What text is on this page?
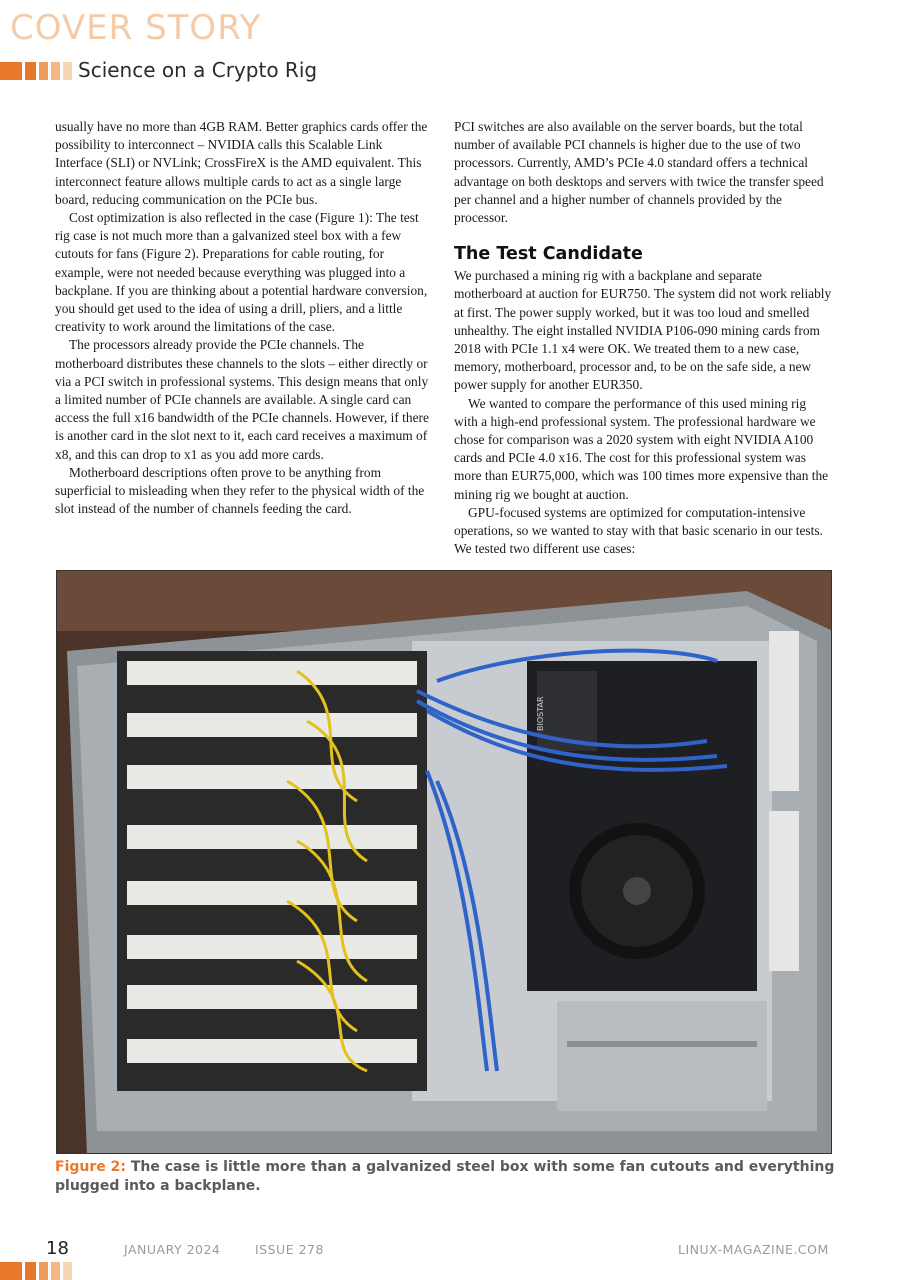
COVER STORY
Science on a Crypto Rig

usually have no more than 4GB RAM. Better graphics cards offer the possibility to interconnect – NVIDIA calls this Scalable Link Interface (SLI) or NVLink; CrossFireX is the AMD equivalent. This interconnect feature allows multiple cards to act as a single large board, reducing communication on the PCIe bus.

Cost optimization is also reflected in the case (Figure 1): The test rig case is not much more than a galvanized steel box with a few cutouts for fans (Figure 2). Preparations for cable routing, for example, were not needed because everything was plugged into a backplane. If you are thinking about a potential hardware conversion, you should get used to the idea of using a drill, pliers, and a little creativity to work around the limitations of the case.

The processors already provide the PCIe channels. The motherboard distributes these channels to the slots – either directly or via a PCI switch in professional systems. This design means that only a limited number of PCIe channels are available. A single card can access the full x16 bandwidth of the PCIe channels. However, if there is another card in the slot next to it, each card receives a maximum of x8, and this can drop to x1 as you add more cards.

Motherboard descriptions often prove to be anything from superficial to misleading when they refer to the physical width of the slot instead of the number of channels feeding the card.

PCI switches are also available on the server boards, but the total number of available PCI channels is higher due to the use of two processors. Currently, AMD’s PCIe 4.0 standard offers a technical advantage on both desktops and servers with twice the transfer speed per channel and a higher number of channels provided by the processor.

The Test Candidate

We purchased a mining rig with a backplane and separate motherboard at auction for EUR750. The system did not work reliably at first. The power supply worked, but it was too loud and smelled unhealthy. The eight installed NVIDIA P106-090 mining cards from 2018 with PCIe 1.1 x4 were OK. We treated them to a new case, memory, motherboard, processor and, to be on the safe side, a new power supply for another EUR350.

We wanted to compare the performance of this used mining rig with a high-end professional system. The professional hardware we chose for comparison was a 2020 system with eight NVIDIA A100 cards and PCIe 4.0 x16. The cost for this professional system was more than EUR75,000, which was 100 times more expensive than the mining rig we bought at auction.

GPU-focused systems are optimized for computation-intensive operations, so we wanted to stay with that basic scenario in our tests. We tested two different use cases:

BIOSTAR
Figure 2: The case is little more than a galvanized steel box with some fan cutouts and everything plugged into a backplane.
18	JANUARY 2024	ISSUE 278	LINUX-MAGAZINE.COM
